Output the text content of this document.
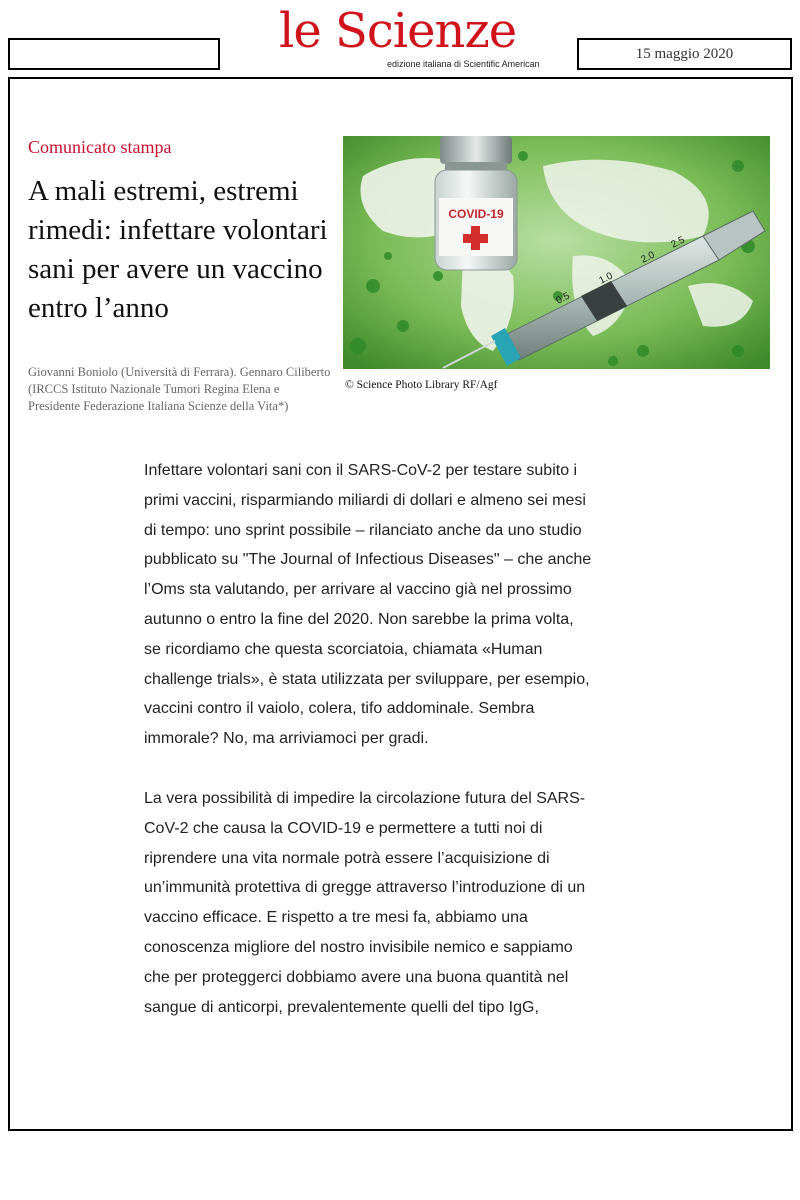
le Scienze
edizione italiana di Scientific American
15 maggio 2020
Comunicato stampa
A mali estremi, estremi rimedi: infettare volontari sani per avere un vaccino entro l’anno
Giovanni Boniolo (Università di Ferrara). Gennaro Ciliberto (IRCCS Istituto Nazionale Tumori Regina Elena e Presidente Federazione Italiana Scienze della Vita*)
COVID-19
0.5
1.0
2.0
2.5
© Science Photo Library RF/Agf

Infettare volontari sani con il SARS-CoV-2 per testare subito i primi vaccini, risparmiando miliardi di dollari e almeno sei mesi di tempo: uno sprint possibile – rilanciato anche da uno studio pubblicato su "The Journal of Infectious Diseases" – che anche l’Oms sta valutando, per arrivare al vaccino già nel prossimo autunno o entro la fine del 2020. Non sarebbe la prima volta, se ricordiamo che questa scorciatoia, chiamata «Human challenge trials», è stata utilizzata per sviluppare, per esempio, vaccini contro il vaiolo, colera, tifo addominale. Sembra immorale? No, ma arriviamoci per gradi.

La vera possibilità di impedire la circolazione futura del SARS-CoV-2 che causa la COVID-19 e permettere a tutti noi di riprendere una vita normale potrà essere l’acquisizione di un’immunità protettiva di gregge attraverso l’introduzione di un vaccino efficace. E rispetto a tre mesi fa, abbiamo una conoscenza migliore del nostro invisibile nemico e sappiamo che per proteggerci dobbiamo avere una buona quantità nel sangue di anticorpi, prevalentemente quelli del tipo IgG,
